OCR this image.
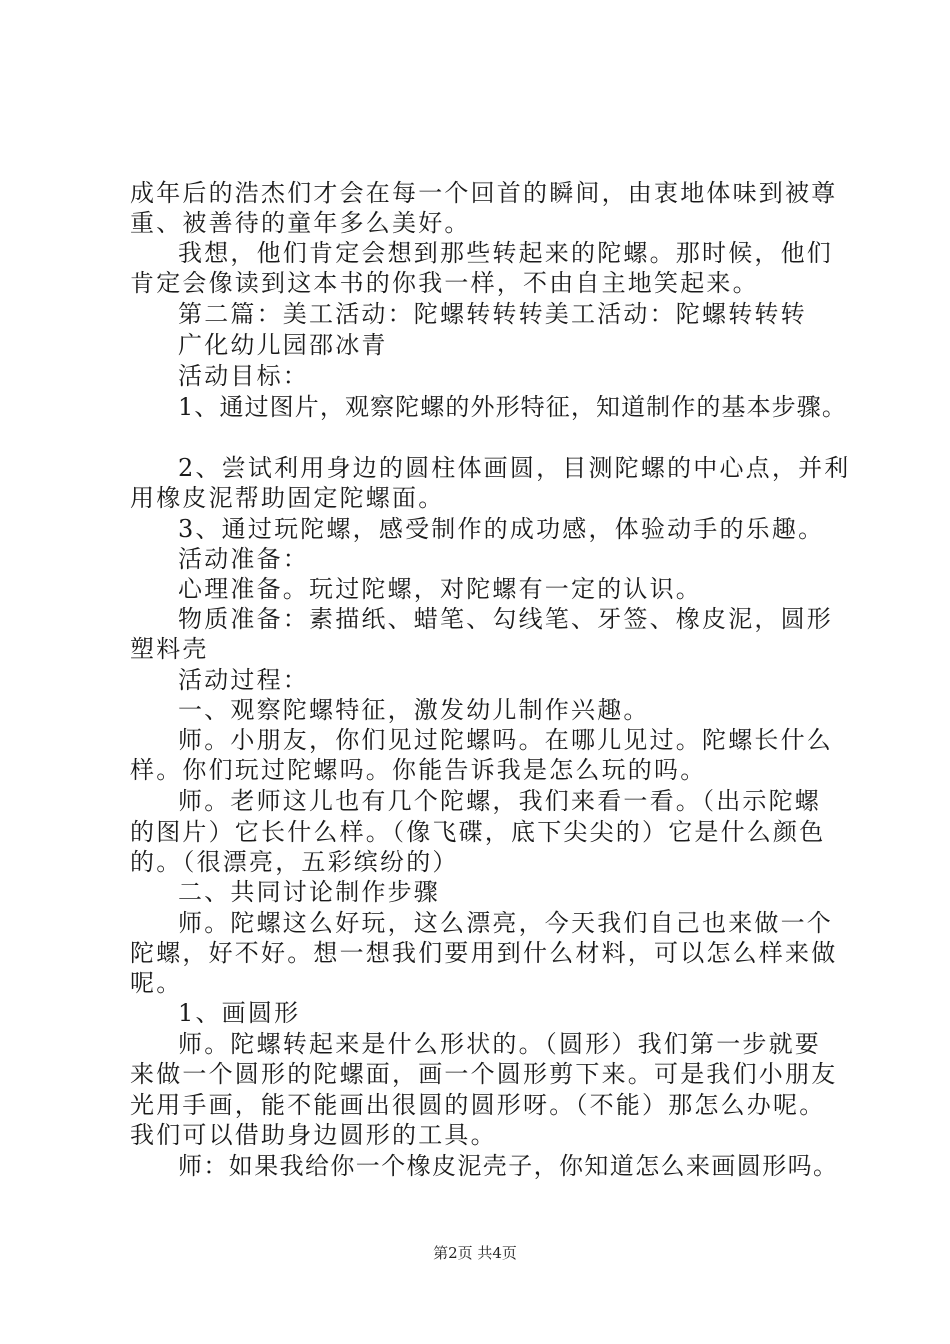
成年后的浩杰们才会在每一个回首的瞬间，由衷地体味到被尊
重、被善待的童年多么美好。
我想，他们肯定会想到那些转起来的陀螺。那时候，他们
肯定会像读到这本书的你我一样，不由自主地笑起来。
第二篇：美工活动：陀螺转转转美工活动：陀螺转转转
广化幼儿园邵冰青
活动目标：
1、通过图片，观察陀螺的外形特征，知道制作的基本步骤。
2、尝试利用身边的圆柱体画圆，目测陀螺的中心点，并利
用橡皮泥帮助固定陀螺面。
3、通过玩陀螺，感受制作的成功感，体验动手的乐趣。
活动准备：
心理准备。玩过陀螺，对陀螺有一定的认识。
物质准备：素描纸、蜡笔、勾线笔、牙签、橡皮泥，圆形
塑料壳
活动过程：
一、观察陀螺特征，激发幼儿制作兴趣。
师。小朋友，你们见过陀螺吗。在哪儿见过。陀螺长什么
样。你们玩过陀螺吗。你能告诉我是怎么玩的吗。
师。老师这儿也有几个陀螺，我们来看一看。（出示陀螺
的图片）它长什么样。（像飞碟，底下尖尖的）它是什么颜色
的。（很漂亮，五彩缤纷的）
二、共同讨论制作步骤
师。陀螺这么好玩，这么漂亮，今天我们自己也来做一个
陀螺，好不好。想一想我们要用到什么材料，可以怎么样来做
呢。
1、画圆形
师。陀螺转起来是什么形状的。（圆形）我们第一步就要
来做一个圆形的陀螺面，画一个圆形剪下来。可是我们小朋友
光用手画，能不能画出很圆的圆形呀。（不能）那怎么办呢。
我们可以借助身边圆形的工具。
师：如果我给你一个橡皮泥壳子，你知道怎么来画圆形吗。
第2页 共4页
